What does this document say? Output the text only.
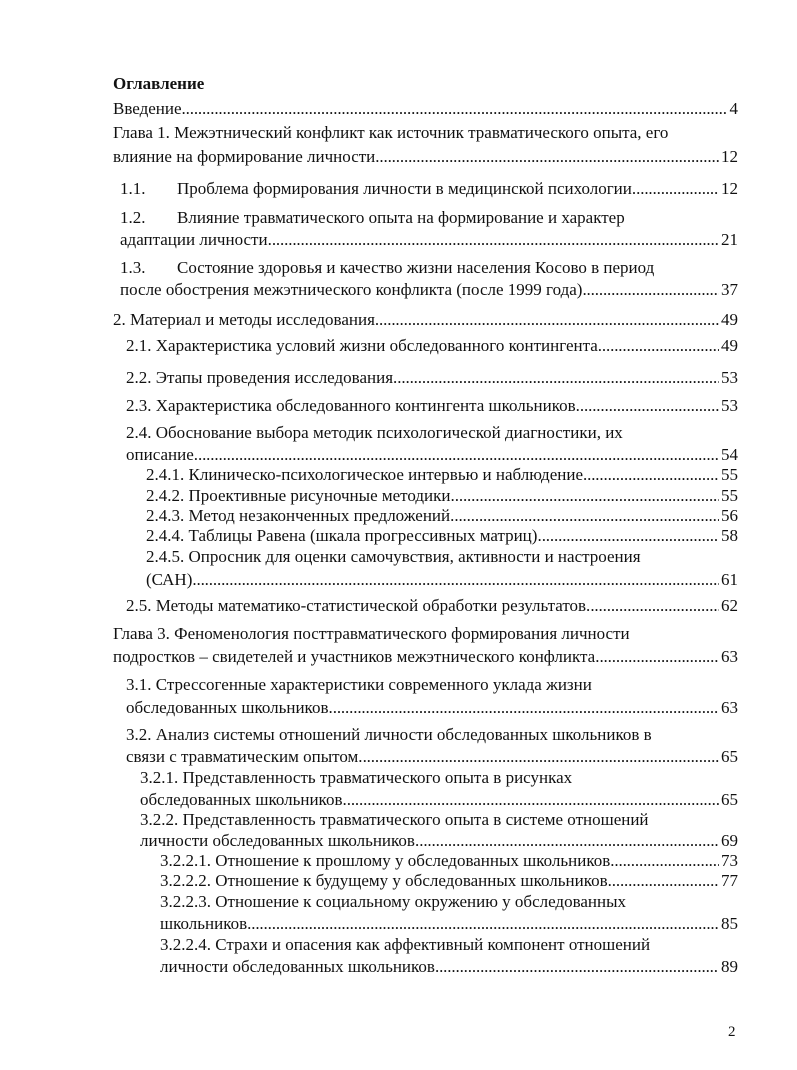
Оглавление
Введение . . .	4
Глава 1. Межэтнический конфликт как источник травматического опыта, его
влияние на формирование личности . . .	12
1.1. Проблема формирования личности в медицинской психологии. . . .	12
1.2.	Влияние травматического опыта на формирование и характер
адаптации личности. . . .	21
1.3.	Состояние здоровья и качество жизни населения Косово в период
после обострения межэтнического конфликта (после 1999 года) . . .	37
2. Материал и методы исследования . . .	49
2.1. Характеристика условий жизни обследованного контингента . . .	49
2.2. Этапы проведения исследования. . . .	53
2.3. Характеристика обследованного контингента школьников. . . .	53
2.4. Обоснование выбора методик психологической диагностики, их
описание. . . .	54
2.4.1. Клиническо-психологическое интервью и наблюдение . . .	55
2.4.2. Проективные рисуночные методики. . . .	55
2.4.3. Метод незаконченных предложений. . . .	56
2.4.4. Таблицы Равена (шкала прогрессивных матриц). . . .	58
2.4.5. Опросник для оценки самочувствия, активности и настроения
(САН) . . .	61
2.5. Методы математико-статистической обработки результатов. . . .	62
Глава 3. Феноменология посттравматического формирования личности
подростков – свидетелей и участников межэтнического конфликта. . . .	63
3.1. Стрессогенные характеристики современного уклада жизни
обследованных школьников. . . .	63
3.2. Анализ системы отношений личности обследованных школьников в
связи с травматическим опытом. . . .	65
3.2.1. Представленность травматического опыта в рисунках
обследованных школьников. . . .	65
3.2.2. Представленность травматического опыта в системе отношений
личности обследованных школьников. . . .	69
3.2.2.1. Отношение к прошлому у обследованных школьников . . .	73
3.2.2.2. Отношение к будущему у обследованных школьников . . .	77
3.2.2.3. Отношение к социальному окружению у обследованных
школьников . . .	85
3.2.2.4. Страхи и опасения как аффективный компонент отношений
личности обследованных школьников . . .	89
2
